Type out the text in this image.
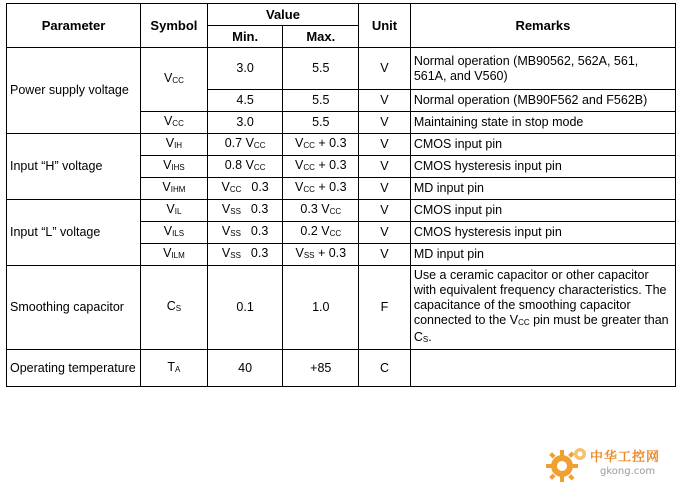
Parameter	Symbol	Value		Unit	Remarks
		Min.	Max.		
Power supply voltage	$V_{CC}$	3.0	5.5	V	Normal operation (MB90562, 562A, 561, 561A, and V560)
		4.5	5.5	V	Normal operation (MB90F562 and F562B)
	$V_{CC}$	3.0	5.5	V	Maintaining state in stop mode
Input “H” voltage	$V_{IH}$	0.7 $V_{CC}$	$V_{CC} + 0.3$	V	CMOS input pin
	$V_{IHS}$	0.8 $V_{CC}$	$V_{CC} + 0.3$	V	CMOS hysteresis input pin
	$V_{IHM}$	$V_{CC}$ 0.3	$V_{CC} + 0.3$	V	MD input pin
Input “L” voltage	$V_{IL}$	$V_{SS}$ 0.3	0.3 $V_{CC}$	V	CMOS input pin
	$V_{ILS}$	$V_{SS}$ 0.3	0.2 $V_{CC}$	V	CMOS hysteresis input pin
	$V_{ILM}$	$V_{SS}$ 0.3	$V_{SS} + 0.3$	V	MD input pin
Smoothing capacitor	$C_S$	0.1	1.0	F	Use a ceramic capacitor or other capacitor with equivalent frequency characteristics. The capacitance of the smoothing capacitor connected to the $V_{CC}$ pin must be greater than $C_S$.
Operating temperature	$T_A$	40	+85	C	
中华工控网
gkong.com
